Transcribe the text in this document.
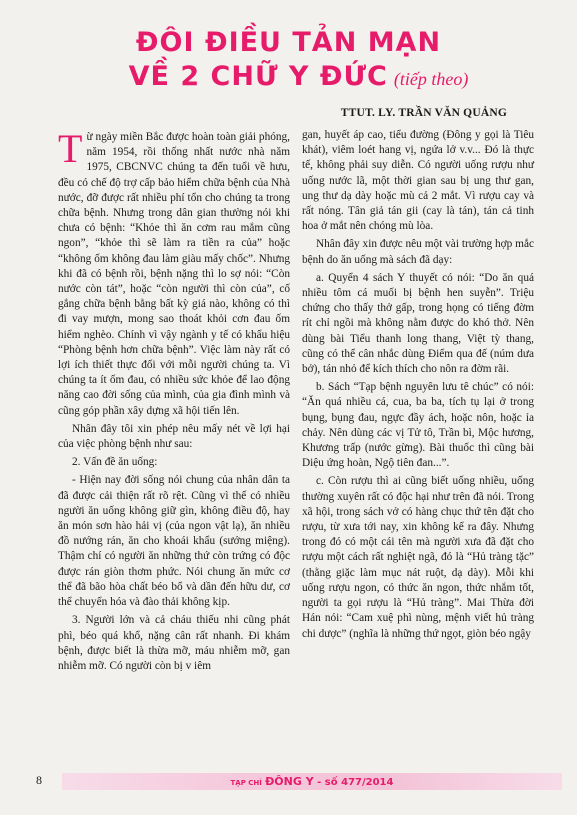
ĐÔI ĐIỀU TẢN MẠN
VỀ 2 CHỮ Y ĐỨC (tiếp theo)
TTUT. LY. TRẦN VĂN QUẢNG

Từ ngày miền Bắc được hoàn toàn giải phóng, năm 1954, rồi thống nhất nước nhà năm 1975, CBCNVC chúng ta đến tuổi về hưu, đều có chế độ trợ cấp bảo hiểm chữa bệnh của Nhà nước, đỡ được rất nhiều phí tổn cho chúng ta trong chữa bệnh. Nhưng trong dân gian thường nói khi chưa có bệnh: “Khỏe thì ăn cơm rau mắm cũng ngon”, “khỏe thì sẽ làm ra tiền ra của” hoặc “không ốm không đau làm giàu mấy chốc”. Nhưng khi đã có bệnh rồi, bệnh nặng thì lo sợ nói: “Còn nước còn tát”, hoặc “còn người thì còn của”, cố gắng chữa bệnh bằng bất kỳ giá nào, không có thì đi vay mượn, mong sao thoát khỏi cơn đau ốm hiểm nghèo. Chính vì vậy ngành y tế có khẩu hiệu “Phòng bệnh hơn chữa bệnh”. Việc làm này rất có lợi ích thiết thực đối với mỗi người chúng ta. Vì chúng ta ít ốm đau, có nhiều sức khỏe để lao động năng cao đời sống của mình, của gia đình mình và cũng góp phần xây dựng xã hội tiến lên.

Nhân đây tôi xin phép nêu mấy nét về lợi hại của việc phòng bệnh như sau:

2. Vấn đề ăn uống:

- Hiện nay đời sống nói chung của nhân dân ta đã được cải thiện rất rõ rệt. Cũng vì thế có nhiều người ăn uống không giữ gìn, không điều độ, hay ăn món sơn hào hải vị (của ngon vật lạ), ăn nhiều đồ nướng rán, ăn cho khoái khẩu (sướng miệng). Thậm chí có người ăn những thứ còn trứng có độc được rán giòn thơm phức. Nói chung ăn mức cơ thể đã bão hòa chất béo bổ và dần đến hữu dư, cơ thể chuyển hóa và đào thải không kịp.

3. Người lớn và cả cháu thiếu nhi cũng phát phì, béo quá khổ, nặng cân rất nhanh. Đi khám bệnh, được biết là thừa mỡ, máu nhiễm mỡ, gan nhiễm mỡ. Có người còn bị v iêm

gan, huyết áp cao, tiểu đường (Đông y gọi là Tiêu khát), viêm loét hang vị, ngứa lở v.v... Đó là thực tế, không phải suy diễn. Có người uống rượu như uống nước lã, một thời gian sau bị ung thư gan, ung thư dạ dày hoặc mù cả 2 mắt. Vì rượu cay và rất nóng. Tân giả tán gii (cay là tán), tán cả tinh hoa ở mắt nên chóng mù lòa.

Nhân đây xin được nêu một vài trường hợp mắc bệnh do ăn uống mà sách đã dạy:

a. Quyển 4 sách Y thuyết có nói: “Do ăn quá nhiều tôm cá muối bị bệnh hen suyễn”. Triệu chứng cho thấy thở gấp, trong họng có tiếng đờm rít chỉ ngồi mà không nằm được do khó thở. Nên dùng bài Tiểu thanh long thang, Việt tỳ thang, cũng có thể cân nhắc dùng Điểm qua đế (núm dưa bở), tán nhỏ để kích thích cho nôn ra đờm rãi.

b. Sách “Tạp bệnh nguyên lưu tê chúc” có nói: “Ăn quá nhiều cá, cua, ba ba, tích tụ lại ở trong bụng, bụng đau, ngực đầy ách, hoặc nôn, hoặc ỉa chảy. Nên dùng các vị Tử tô, Trần bì, Mộc hương, Khương trấp (nước gừng). Bài thuốc thì cũng bài Diệu ứng hoàn, Ngộ tiên đan...”.

c. Còn rượu thì ai cũng biết uống nhiều, uống thường xuyên rất có độc hại như trên đã nói. Trong xã hội, trong sách vở có hàng chục thứ tên đặt cho rượu, từ xưa tới nay, xin không kể ra đây. Nhưng trong đó có một cái tên mà người xưa đã đặt cho rượu một cách rất nghiệt ngã, đó là “Hủ tràng tặc” (thằng giặc làm mục nát ruột, dạ dày). Mỗi khi uống rượu ngon, có thức ăn ngon, thức nhắm tốt, người ta gọi rượu là “Hủ tràng”. Mai Thừa đời Hán nói: “Cam xuệ phì nùng, mệnh viết hủ tràng chi dược” (nghĩa là những thứ ngọt, giòn béo ngậy

8	TẠP CHÍ ĐÔNG Y - số 477/2014
